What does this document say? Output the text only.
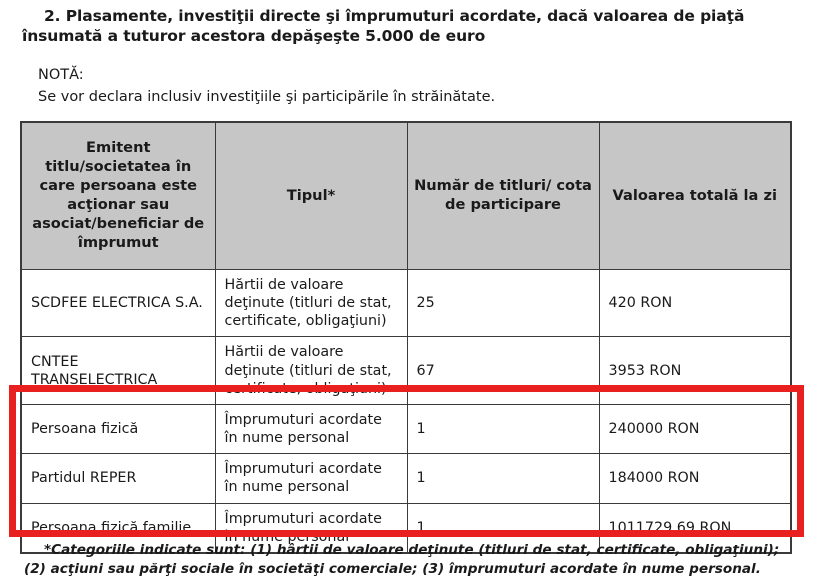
2. Plasamente, investiţii directe şi împrumuturi acordate, dacă valoarea de piaţă însumată a tuturor acestora depăşeşte 5.000 de euro
NOTĂ:
Se vor declara inclusiv investiţiile şi participările în străinătate.
Emitent titlu/societatea în care persoana este acţionar sau asociat/beneficiar de împrumut	Tipul*	Număr de titluri/ cota de participare	Valoarea totală la zi
SCDFEE ELECTRICA S.A.	Hărtii de valoare deţinute (titluri de stat, certificate, obligaţiuni)	25	420 RON
CNTEE TRANSELECTRICA	Hărtii de valoare deţinute (titluri de stat, certificate, obligaţiuni)	67	3953 RON
Persoana fizică	Împrumuturi acordate în nume personal	1	240000 RON
Partidul REPER	Împrumuturi acordate în nume personal	1	184000 RON
Persoana fizică familie	Împrumuturi acordate în nume personal	1	1011729.69 RON
*Categoriile indicate sunt: (1) hârtii de valoare deţinute (titluri de stat, certificate, obligaţiuni); (2) acţiuni sau părţi sociale în societăţi comerciale; (3) împrumuturi acordate în nume personal.
